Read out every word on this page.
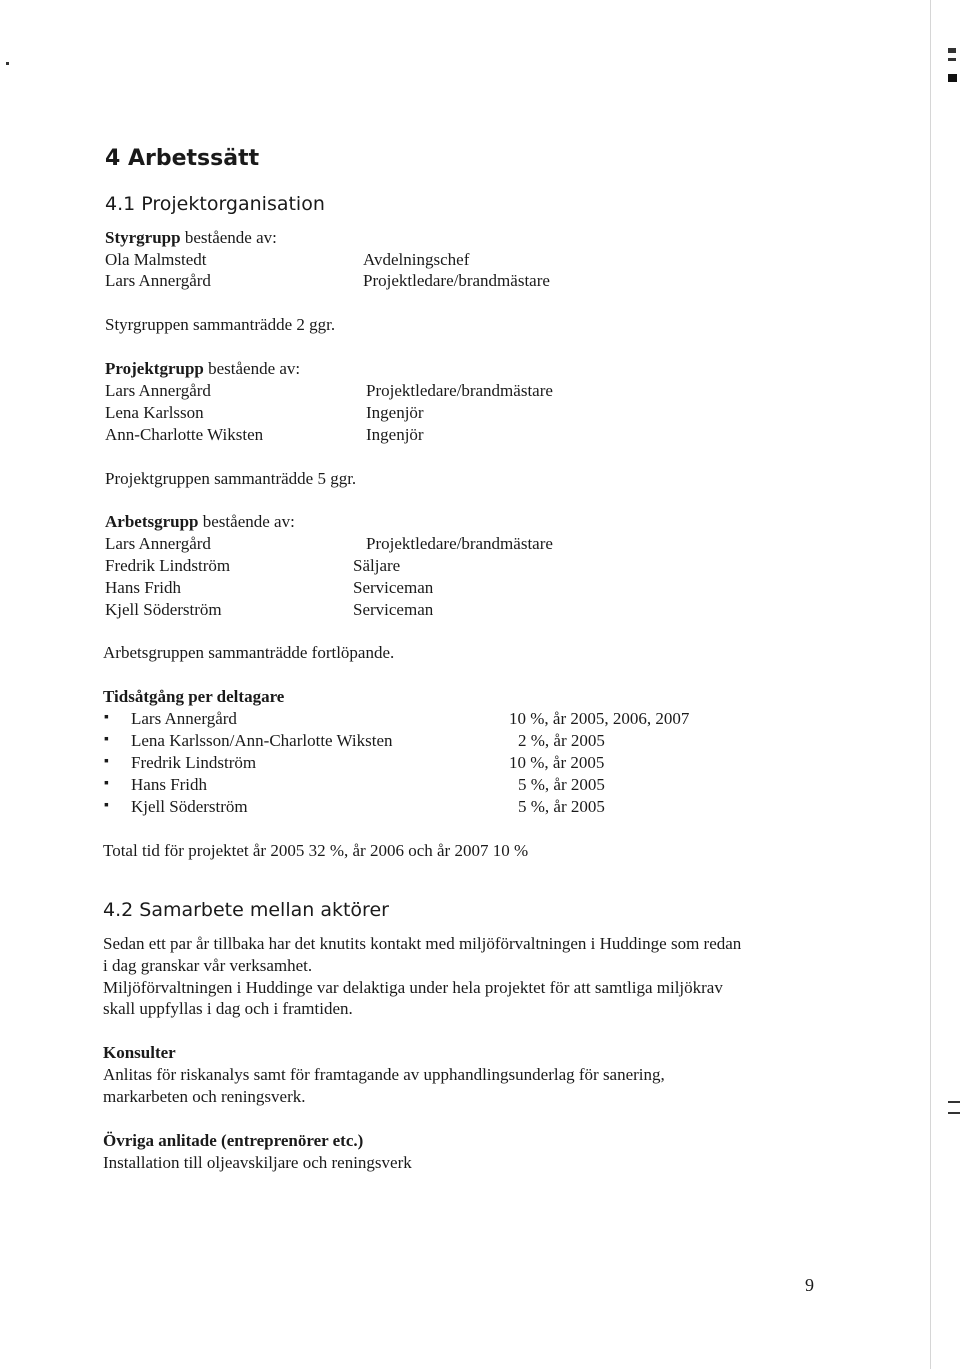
4 Arbetssätt
4.1 Projektorganisation
Styrgrupp bestående av:
Ola Malmstedt	Avdelningschef
Lars Annergård	Projektledare/brandmästare
Styrgruppen sammanträdde 2 ggr.
Projektgrupp bestående av:
Lars Annergård	Projektledare/brandmästare
Lena Karlsson	Ingenjör
Ann-Charlotte Wiksten	Ingenjör
Projektgruppen sammanträdde 5 ggr.
Arbetsgrupp bestående av:
Lars Annergård	Projektledare/brandmästare
Fredrik Lindström	Säljare
Hans Fridh	Serviceman
Kjell Söderström	Serviceman
Arbetsgruppen sammanträdde fortlöpande.
Tidsåtgång per deltagare
▪ Lars Annergård	10 %, år 2005, 2006, 2007
▪ Lena Karlsson/Ann-Charlotte Wiksten	2 %, år 2005
▪ Fredrik Lindström	10 %, år 2005
▪ Hans Fridh	5 %, år 2005
▪ Kjell Söderström	5 %, år 2005
Total tid för projektet år 2005 32 %, år 2006 och år 2007 10 %
4.2 Samarbete mellan aktörer
Sedan ett par år tillbaka har det knutits kontakt med miljöförvaltningen i Huddinge som redan
i dag granskar vår verksamhet.
Miljöförvaltningen i Huddinge var delaktiga under hela projektet för att samtliga miljökrav
skall uppfyllas i dag och i framtiden.
Konsulter
Anlitas för riskanalys samt för framtagande av upphandlingsunderlag för sanering,
markarbeten och reningsverk.
Övriga anlitade (entreprenörer etc.)
Installation till oljeavskiljare och reningsverk
9
